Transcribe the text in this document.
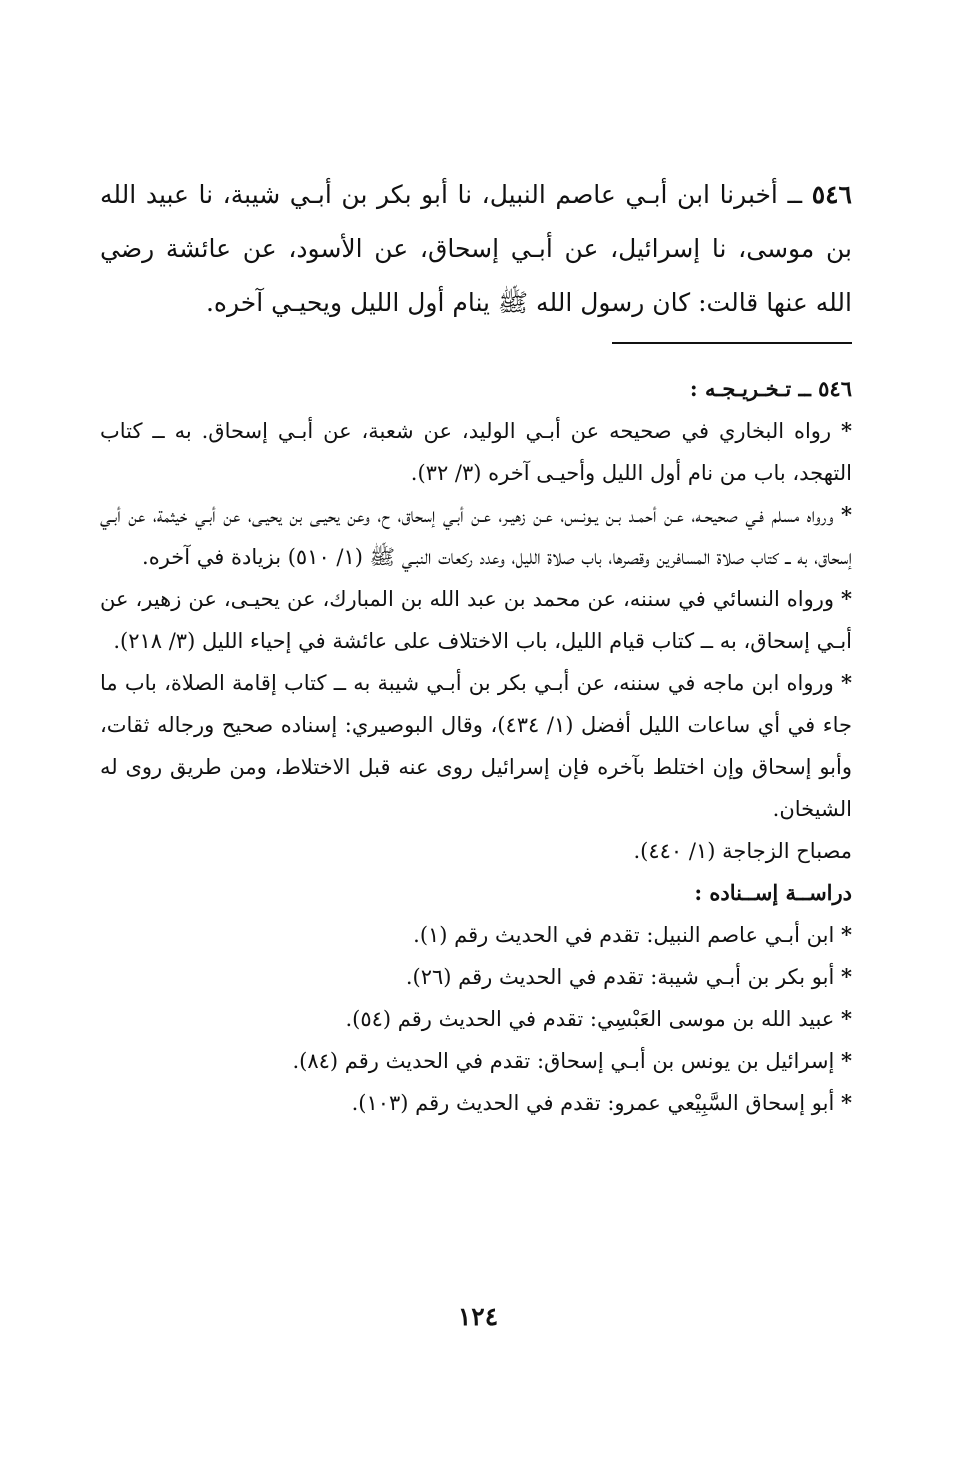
٥٤٦ ــ أخبرنا ابن أبـي عاصم النبيل، نا أبو بكر بن أبـي شيبة، نا عبيد الله بن موسى، نا إسرائيل، عن أبـي إسحاق، عن الأسود، عن عائشة رضي الله عنها قالت: كان رسول الله ﷺ ينام أول الليل ويحيـي آخره.

٥٤٦ ــ تـخـريـجـه :

* رواه البخاري في صحيحه عن أبـي الوليد، عن شعبة، عن أبـي إسحاق. به ــ كتاب التهجد، باب من نام أول الليل وأحيـى آخره (٣/ ٣٢).

* ورواه مسلم فـي صحيحـه، عـن أحمـد بـن يـونـس، عـن زهيـر، عـن أبـي إسحاق، ح، وعن يحيـى بن يحيـى، عن أبـي خيثمة، عن أبـي إسحاق، به ــ كتاب صلاة المسافرين وقصرها، باب صلاة الليل، وعدد ركعات النبـي ﷺ (١/ ٥١٠) بزيادة في آخره.

* ورواه النسائي في سننه، عن محمد بن عبد الله بن المبارك، عن يحيـى، عن زهير، عن أبـي إسحاق، به ــ كتاب قيام الليل، باب الاختلاف على عائشة في إحياء الليل (٣/ ٢١٨).

* ورواه ابن ماجه في سننه، عن أبـي بكر بن أبـي شيبة به ــ كتاب إقامة الصلاة، باب ما جاء في أي ساعات الليل أفضل (١/ ٤٣٤)، وقال البوصيري: إسناده صحيح ورجاله ثقات، وأبو إسحاق وإن اختلط بآخره فإن إسرائيل روى عنه قبل الاختلاط، ومن طريق روى له الشيخان.

مصباح الزجاجة (١/ ٤٤٠).

دراســة إســناده :

* ابن أبـي عاصم النبيل: تقدم في الحديث رقم (١).

* أبو بكر بن أبـي شيبة: تقدم في الحديث رقم (٢٦).

* عبيد الله بن موسى العَبْسِي: تقدم في الحديث رقم (٥٤).

* إسرائيل بن يونس بن أبـي إسحاق: تقدم في الحديث رقم (٨٤).

* أبو إسحاق السَّبِيْعي عمرو: تقدم في الحديث رقم (١٠٣).

١٢٤
